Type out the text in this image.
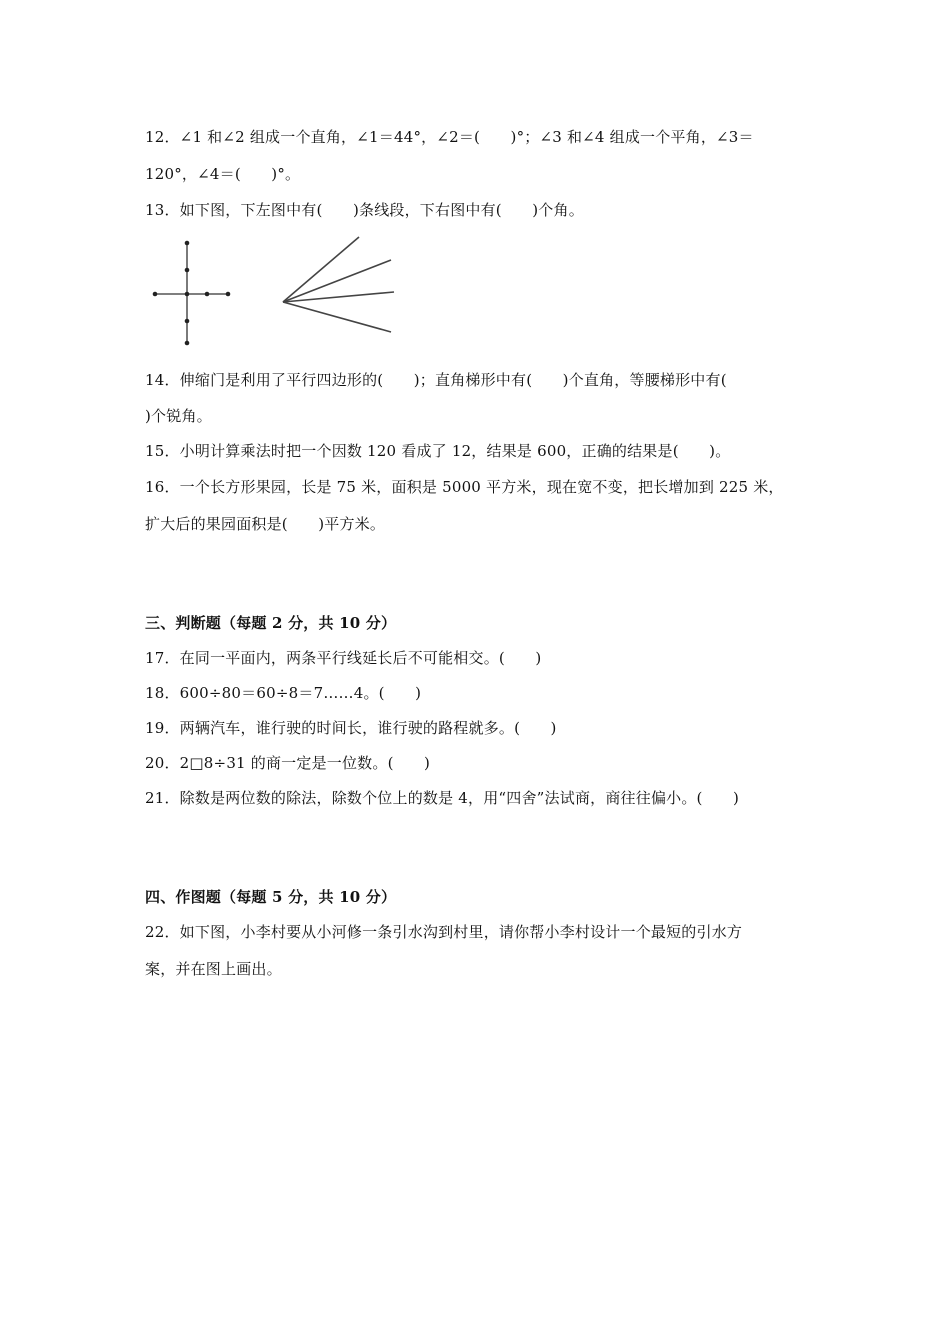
12．∠1 和∠2 组成一个直角，∠1＝44°，∠2＝(　　)°；∠3 和∠4 组成一个平角，∠3＝
120°，∠4＝(　　)°。
13．如下图，下左图中有(　　)条线段，下右图中有(　　)个角。
14．伸缩门是利用了平行四边形的(　　)；直角梯形中有(　　)个直角，等腰梯形中有(
)个锐角。
15．小明计算乘法时把一个因数 120 看成了 12，结果是 600，正确的结果是(　　)。
16．一个长方形果园，长是 75 米，面积是 5000 平方米，现在宽不变，把长增加到 225 米，
扩大后的果园面积是(　　)平方米。
三、判断题（每题 2 分，共 10 分）
17．在同一平面内，两条平行线延长后不可能相交。(　　)
18．600÷80＝60÷8＝7……4。(　　)
19．两辆汽车，谁行驶的时间长，谁行驶的路程就多。(　　)
20．2□8÷31 的商一定是一位数。(　　)
21．除数是两位数的除法，除数个位上的数是 4，用“四舍”法试商，商往往偏小。(　　)
四、作图题（每题 5 分，共 10 分）
22．如下图，小李村要从小河修一条引水沟到村里，请你帮小李村设计一个最短的引水方
案，并在图上画出。
